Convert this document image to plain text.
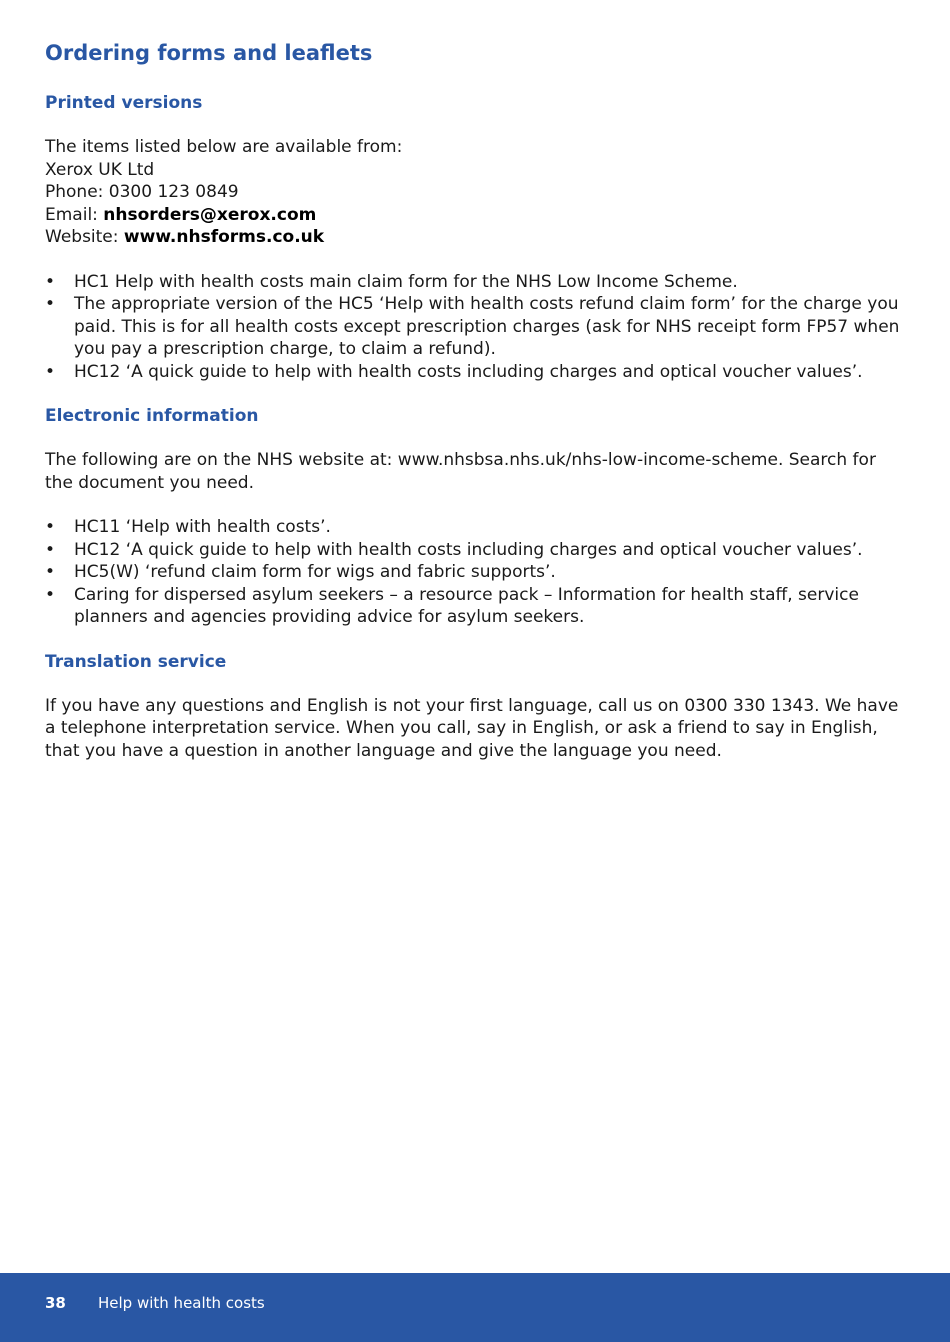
Ordering forms and leaflets
Printed versions
The items listed below are available from:
Xerox UK Ltd
Phone: 0300 123 0849
Email: nhsorders@xerox.com
Website: www.nhsforms.co.uk
• HC1 Help with health costs main claim form for the NHS Low Income Scheme.
• The appropriate version of the HC5 ‘Help with health costs refund claim form’ for the charge you paid. This is for all health costs except prescription charges (ask for NHS receipt form FP57 when you pay a prescription charge, to claim a refund).
• HC12 ‘A quick guide to help with health costs including charges and optical voucher values’.
Electronic information

The following are on the NHS website at: www.nhsbsa.nhs.uk/nhs-low-income-scheme. Search for the document you need.

• HC11 ‘Help with health costs’.
• HC12 ‘A quick guide to help with health costs including charges and optical voucher values’.
• HC5(W) ‘refund claim form for wigs and fabric supports’.
• Caring for dispersed asylum seekers – a resource pack – Information for health staff, service planners and agencies providing advice for asylum seekers.
Translation service

If you have any questions and English is not your first language, call us on 0300 330 1343. We have a telephone interpretation service. When you call, say in English, or ask a friend to say in English, that you have a question in another language and give the language you need.

38 Help with health costs
